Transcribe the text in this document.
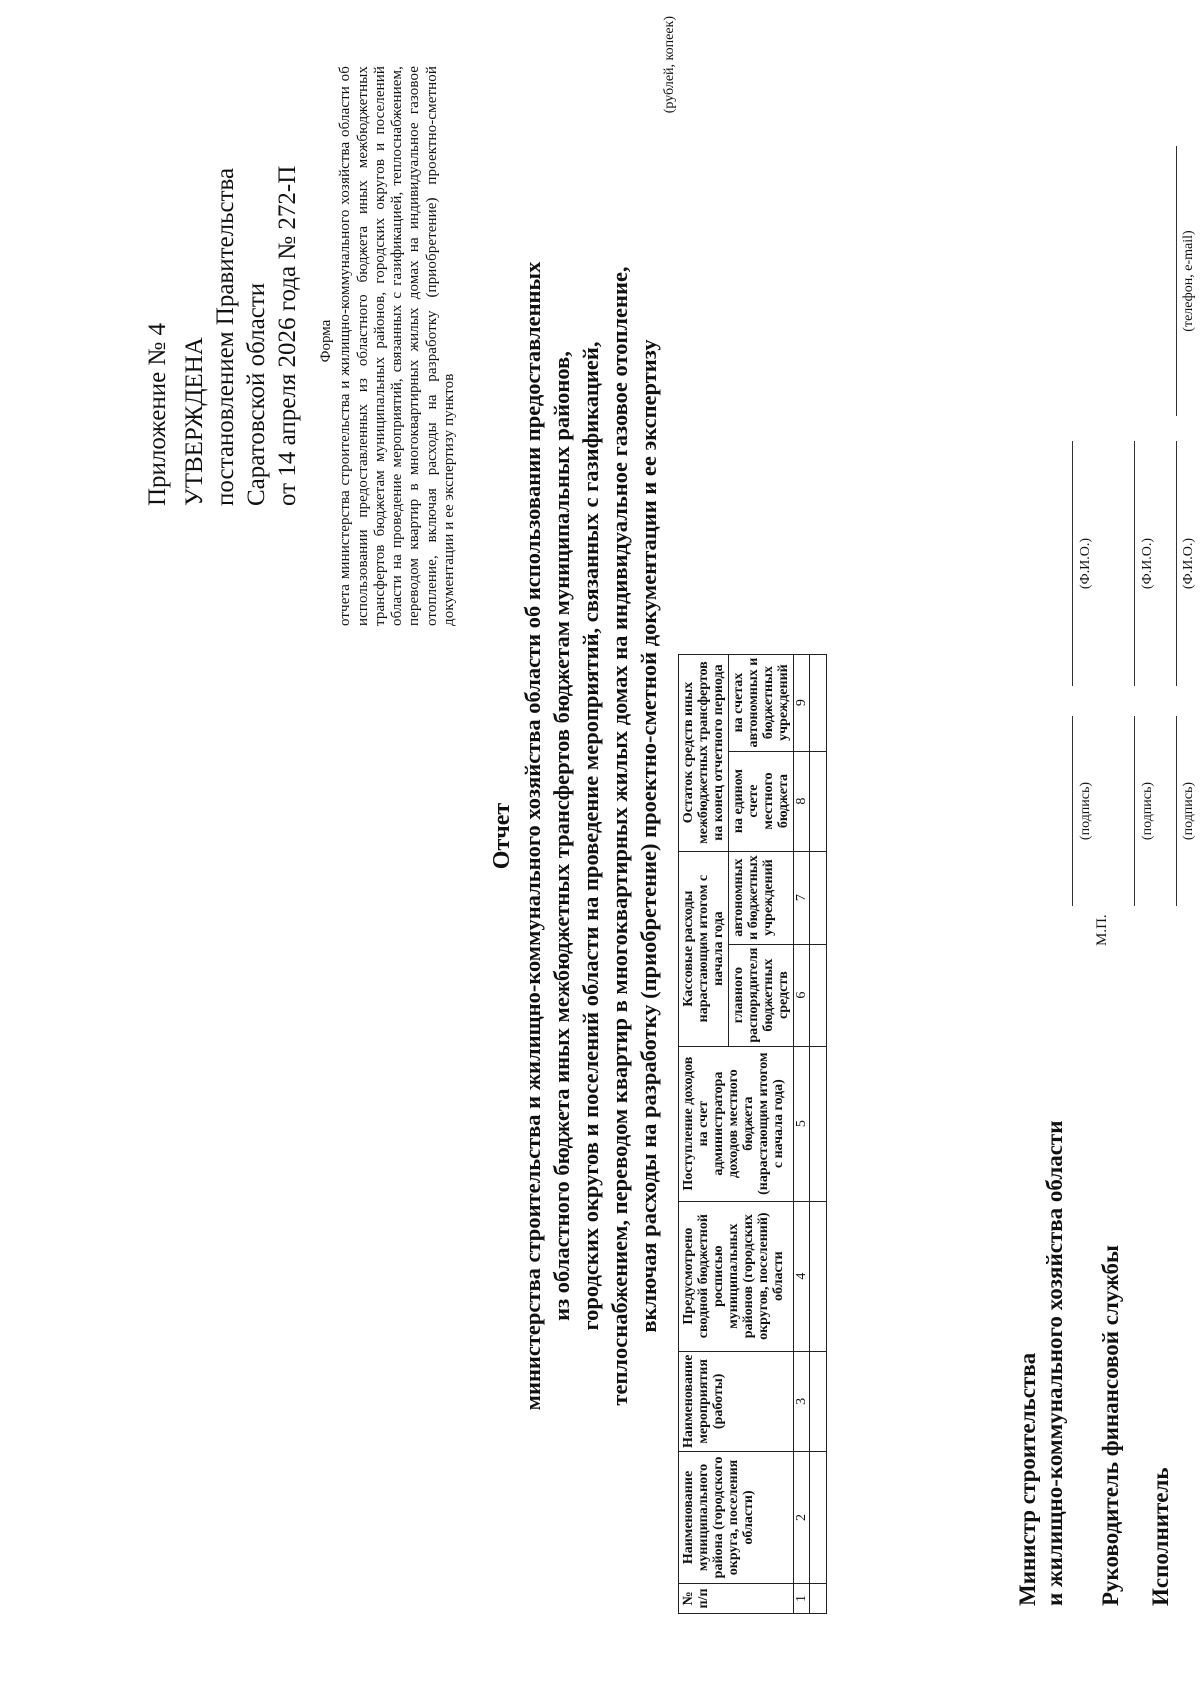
Приложение № 4 УТВЕРЖДЕНА постановлением Правительства Саратовской области от 14 апреля 2026 года № 272-П Форма отчета министерства строительства и жилищно-коммунального хозяйства области об использовании предоставленных из областного бюджета иных межбюджетных трансфертов бюджетам муниципальных районов, городских округов и поселений области на проведение мероприятий, связанных с газификацией, теплоснабжением, переводом квартир в многоквартирных жилых домах на индивидуальное газовое отопление, включая расходы на разработку (приобретение) проектно-сметной документации и ее экспертизу пунктов
Отчет министерства строительства и жилищно-коммунального хозяйства области об использовании предоставленных из областного бюджета иных межбюджетных трансфертов бюджетам муниципальных районов, городских округов и поселений области на проведение мероприятий, связанных с газификацией, теплоснабжением, переводом квартир в многоквартирных жилых домах на индивидуальное газовое отопление, включая расходы на разработку (приобретение) проектно-сметной документации и ее экспертизу
(рублей, копеек)
№ п/п	Наименование муниципального района (городского округа, поселения области)	Наименование мероприятия (работы)	Предусмотрено сводной бюджетной росписью муниципальных районов (городских округов, поселений) области	Поступление доходов на счет администратора доходов местного бюджета (нарастающим итогом с начала года)	Кассовые расходы нарастающим итогом с начала года		Остаток средств иных межбюджетных трансфертов на конец отчетного периода	
					главного распорядителя бюджетных средств	автономных и бюджетных учреждений	на едином счете местного бюджета	на счетах автономных и бюджетных учреждений
1	2	3	4	5	6	7	8	9

Министр строительства и жилищно-коммунального хозяйства области
(подпись)
(Ф.И.О.)
М.П.
Руководитель финансовой службы
(подпись)
(Ф.И.О.)
Исполнитель
(подпись)
(Ф.И.О.)
(телефон, e-mail)
